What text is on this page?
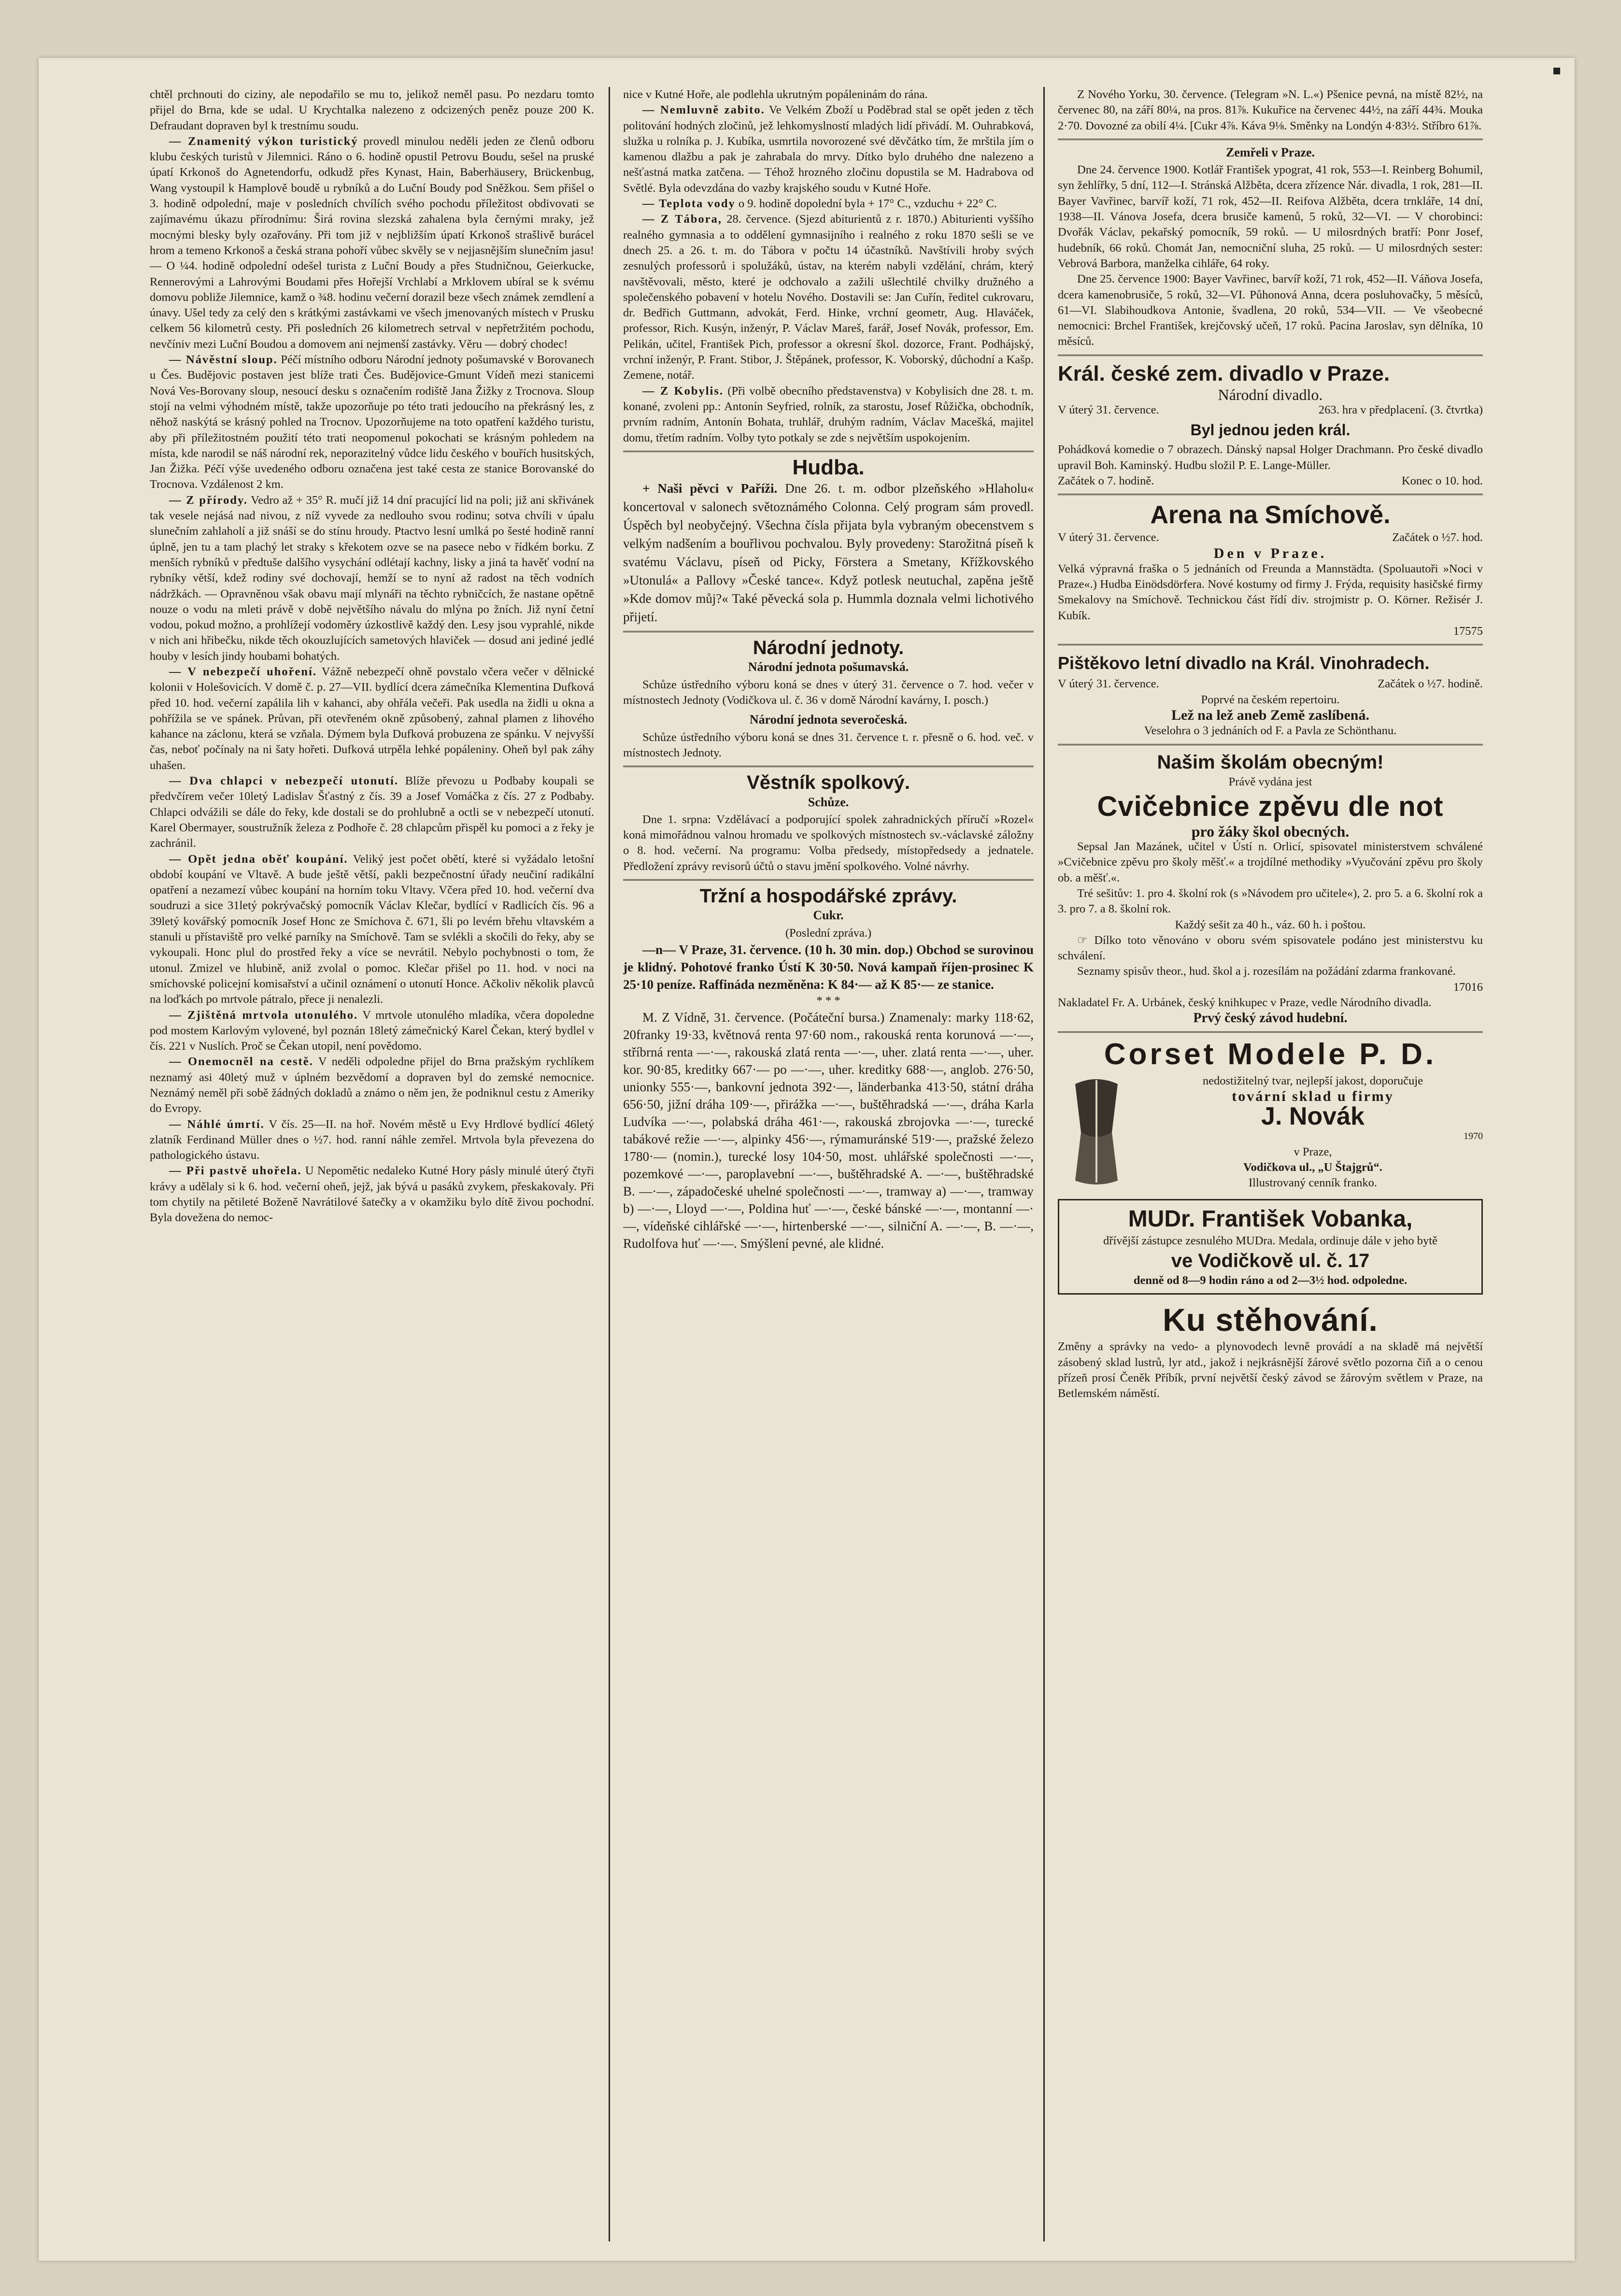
chtěl prchnouti do ciziny, ale nepodařilo se mu to, jelikož neměl pasu. Po nezdaru tomto přijel do Brna, kde se udal. U Krychtalka nalezeno z odcizených peněz pouze 200 K. Defraudant dopraven byl k trestnímu soudu.

— Znamenitý výkon turistický provedl minulou neděli jeden ze členů odboru klubu českých turistů v Jilemnici. Ráno o 6. hodině opustil Petrovu Boudu, sešel na pruské úpatí Krkonoš do Agnetendorfu, odkudž přes Kynast, Hain, Baberhäusery, Brückenbug, Wang vystoupil k Hamplově boudě u rybníků a do Luční Boudy pod Sněžkou. Sem přišel o 3. hodině odpolední, maje v posledních chvílích svého pochodu příležitost obdivovati se zajímavému úkazu přírodnímu: Širá rovina slezská zahalena byla černými mraky, jež mocnými blesky byly ozařovány. Při tom již v nejbližším úpatí Krkonoš strašlivě burácel hrom a temeno Krkonoš a česká strana pohoří vůbec skvěly se v nejjasnějším slunečním jasu! — O ¼4. hodině odpolední odešel turista z Luční Boudy a přes Studničnou, Geierkucke, Rennerovými a Lahrovými Boudami přes Hořejší Vrchlabí a Mrklovem ubíral se k svému domovu pobliže Jilemnice, kamž o ¾8. hodinu večerní dorazil beze všech známek zemdlení a únavy. Ušel tedy za celý den s krátkými zastávkami ve všech jmenovaných místech v Prusku celkem 56 kilometrů cesty. Při posledních 26 kilometrech setrval v nepřetržitém pochodu, nevčíniv mezi Luční Boudou a domovem ani nejmenší zastávky. Věru — dobrý chodec!

— Návěstní sloup. Péčí místního odboru Národní jednoty pošumavské v Borovanech u Čes. Budějovic postaven jest blíže trati Čes. Budějovice-Gmunt Vídeň mezi stanicemi Nová Ves-Borovany sloup, nesoucí desku s označením rodiště Jana Žižky z Trocnova. Sloup stojí na velmi výhodném místě, takže upozorňuje po této trati jedoucího na překrásný les, z něhož naskýtá se krásný pohled na Trocnov. Upozorňujeme na toto opatření každého turistu, aby při příležitostném použití této trati neopomenul pokochati se krásným pohledem na místa, kde narodil se náš národní rek, neporazitelný vůdce lidu českého v bouřích husitských, Jan Žižka. Péčí výše uvedeného odboru označena jest také cesta ze stanice Borovanské do Trocnova. Vzdálenost 2 km.

— Z přírody. Vedro až + 35° R. mučí již 14 dní pracující lid na poli; již ani skřivánek tak vesele nejásá nad nivou, z níž vyvede za nedlouho svou rodinu; sotva chvíli v úpalu slunečním zahlaholí a již snáší se do stínu hroudy. Ptactvo lesní umlká po šesté hodině ranní úplně, jen tu a tam plachý let straky s křekotem ozve se na pasece nebo v řídkém borku. Z menších rybníků v předtuše dalšího vysychání odlétají kachny, lisky a jiná ta havěť vodní na rybníky větší, kdež rodiny své dochovají, hemží se to nyní až radost na těch vodních nádržkách. — Opravněnou však obavu mají mlynáři na těchto rybničcích, že nastane opětně nouze o vodu na mleti právě v době největšího návalu do mlýna po žních. Již nyní četní vodou, pokud možno, a prohlížejí vodoměry úzkostlivě každý den. Lesy jsou vyprahlé, nikde v nich ani hřibečku, nikde těch okouzlujících sametových hlaviček — dosud ani jediné jedlé houby v lesích jindy houbami bohatých.

— V nebezpečí uhoření. Vážně nebezpečí ohně povstalo včera večer v dělnické kolonii v Holešovicích. V domě č. p. 27—VII. bydlící dcera zámečníka Klementina Dufková před 10. hod. večerní zapálila lih v kahanci, aby ohřála večeři. Pak usedla na židli u okna a pohřížila se ve spánek. Průvan, při otevřeném okně způsobený, zahnal plamen z lihového kahance na záclonu, která se vzňala. Dýmem byla Dufková probuzena ze spánku. V nejvyšší čas, neboť počínaly na ni šaty hořeti. Dufková utrpěla lehké popáleniny. Oheň byl pak záhy uhašen.

— Dva chlapci v nebezpečí utonutí. Blíže převozu u Podbaby koupali se předvčírem večer 10letý Ladislav Šťastný z čís. 39 a Josef Vomáčka z čís. 27 z Podbaby. Chlapci odvážili se dále do řeky, kde dostali se do prohlubně a octli se v nebezpečí utonutí. Karel Obermayer, soustružník železa z Podhoře č. 28 chlapcům přispěl ku pomoci a z řeky je zachránil.

— Opět jedna oběť koupání. Veliký jest počet obětí, které si vyžádalo letošní období koupání ve Vltavě. A bude ještě větší, pakli bezpečnostní úřady neučiní radikální opatření a nezamezí vůbec koupání na horním toku Vltavy. Včera před 10. hod. večerní dva soudruzi a sice 31letý pokrývačský pomocník Václav Klečar, bydlící v Radlicích čís. 96 a 39letý kovářský pomocník Josef Honc ze Smíchova č. 671, šli po levém břehu vltavském a stanuli u přístaviště pro velké parníky na Smíchově. Tam se svlékli a skočili do řeky, aby se vykoupali. Honc plul do prostřed řeky a více se nevrátil. Nebylo pochybnosti o tom, že utonul. Zmizel ve hlubině, aniž zvolal o pomoc. Klečar přišel po 11. hod. v noci na smíchovské policejní komisařství a učinil oznámení o utonutí Honce. Ačkoliv několik plavců na loďkách po mrtvole pátralo, přece ji nenalezli.

— Zjištěná mrtvola utonulého. V mrtvole utonulého mladíka, včera dopoledne pod mostem Karlovým vylovené, byl poznán 18letý zámečnický Karel Čekan, který bydlel v čís. 221 v Nuslích. Proč se Čekan utopil, není povědomo.

— Onemocněl na cestě. V neděli odpoledne přijel do Brna pražským rychlíkem neznamý asi 40letý muž v úplném bezvědomí a dopraven byl do zemské nemocnice. Neznámý neměl při sobě žádných dokladů a známo o něm jen, že podniknul cestu z Ameriky do Evropy.

— Náhlé úmrtí. V čís. 25—II. na hoř. Novém městě u Evy Hrdlové bydlící 46letý zlatník Ferdinand Müller dnes o ½7. hod. ranní náhle zemřel. Mrtvola byla převezena do pathologického ústavu.

— Při pastvě uhořela. U Nepomětic nedaleko Kutné Hory pásly minulé úterý čtyři krávy a udělaly si k 6. hod. večerní oheň, jejž, jak bývá u pasáků zvykem, přeskakovaly. Při tom chytily na pětileté Boženě Navrátilové šatečky a v okamžiku bylo dítě živou pochodní. Byla dovežena do nemoc-

nice v Kutné Hoře, ale podlehla ukrutným popáleninám do rána.

— Nemluvně zabito. Ve Velkém Zboží u Poděbrad stal se opět jeden z těch politování hodných zločinů, jež lehkomyslností mladých lidí přivádí. M. Ouhrabková, služka u rolníka p. J. Kubíka, usmrtila novorozené své děvčátko tím, že mrštila jím o kamenou dlažbu a pak je zahrabala do mrvy. Dítko bylo druhého dne nalezeno a nešťastná matka zatčena. — Téhož hrozného zločinu dopustila se M. Hadrabova od Světlé. Byla odevzdána do vazby krajského soudu v Kutné Hoře.

— Teplota vody o 9. hodině dopolední byla + 17° C., vzduchu + 22° C.

— Z Tábora, 28. července. (Sjezd abiturientů z r. 1870.) Abiturienti vyššího realného gymnasia a to oddělení gymnasijního i realného z roku 1870 sešli se ve dnech 25. a 26. t. m. do Tábora v počtu 14 účastníků. Navštívili hroby svých zesnulých professorů i spolužáků, ústav, na kterém nabyli vzdělání, chrám, který navštěvovali, město, které je odchovalo a zažili ušlechtilé chvilky družného a společenského pobavení v hotelu Nového. Dostavili se: Jan Cuřín, ředitel cukrovaru, dr. Bedřich Guttmann, advokát, Ferd. Hinke, vrchní geometr, Aug. Hlaváček, professor, Rich. Kusýn, inženýr, P. Václav Mareš, farář, Josef Novák, professor, Em. Pelikán, učitel, František Pich, professor a okresní škol. dozorce, Frant. Podhájský, vrchní inženýr, P. Frant. Stibor, J. Štěpánek, professor, K. Voborský, důchodní a Kašp. Zemene, notář.

— Z Kobylis. (Při volbě obecního představenstva) v Kobylisích dne 28. t. m. konané, zvoleni pp.: Antonín Seyfried, rolník, za starostu, Josef Růžička, obchodník, prvním radním, Antonín Bohata, truhlář, druhým radním, Václav Macešká, majitel domu, třetím radním. Volby tyto potkaly se zde s největším uspokojením.

Hudba.

+ Naši pěvci v Paříži. Dne 26. t. m. odbor plzeňského »Hlaholu« koncertoval v salonech světoznámého Colonna. Celý program sám provedl. Úspěch byl neobyčejný. Všechna čísla přijata byla vybraným obecenstvem s velkým nadšením a bouřlivou pochvalou. Byly provedeny: Starožitná píseň k svatému Václavu, píseň od Picky, Förstera a Smetany, Křížkovského »Utonulá« a Pallovy »České tance«. Když potlesk neutuchal, zapěna ještě »Kde domov můj?« Také pěvecká sola p. Hummla doznala velmi lichotivého přijetí.

Národní jednoty.
Národní jednota pošumavská.

Schůze ústředního výboru koná se dnes v úterý 31. července o 7. hod. večer v místnostech Jednoty (Vodičkova ul. č. 36 v domě Národní kavárny, I. posch.)

Národní jednota severočeská.

Schůze ústředního výboru koná se dnes 31. července t. r. přesně o 6. hod. več. v místnostech Jednoty.

Věstník spolkový.
Schůze.

Dne 1. srpna: Vzdělávací a podporující spolek zahradnických příručí »Rozel« koná mimořádnou valnou hromadu ve spolkových místnostech sv.-václavské záložny o 8. hod. večerní. Na programu: Volba předsedy, místopředsedy a jednatele. Předložení zprávy revisorů účtů o stavu jmění spolkového. Volné návrhy.

Tržní a hospodářské zprávy.
Cukr.

(Poslední zpráva.)

—n— V Praze, 31. července. (10 h. 30 min. dop.) Obchod se surovinou je klidný. Pohotové franko Ústí K 30·50. Nová kampaň říjen-prosinec K 25·10 peníze. Raffináda nezměněna: K 84·— až K 85·— ze stanice.

* * *

M. Z Vídně, 31. července. (Počáteční bursa.) Znamenaly: marky 118·62, 20franky 19·33, květnová renta 97·60 nom., rakouská renta korunová —·—, stříbrná renta —·—, rakouská zlatá renta —·—, uher. zlatá renta —·—, uher. kor. 90·85, kreditky 667·— po —·—, uher. kreditky 688·—, anglob. 276·50, unionky 555·—, bankovní jednota 392·—, länderbanka 413·50, státní dráha 656·50, jižní dráha 109·—, přirážka —·—, buštěhradská —·—, dráha Karla Ludvíka —·—, polabská dráha 461·—, rakouská zbrojovka —·—, turecké tabákové režie —·—, alpinky 456·—, rýmamuránské 519·—, pražské železo 1780·— (nomin.), turecké losy 104·50, most. uhlářské společnosti —·—, pozemkové —·—, paroplavební —·—, buštěhradské A. —·—, buštěhradské B. —·—, západočeské uhelné společnosti —·—, tramway a) —·—, tramway b) —·—, Lloyd —·—, Poldina huť —·—, české bánské —·—, montanní —·—, vídeňské cihlářské —·—, hirtenberské —·—, silniční A. —·—, B. —·—, Rudolfova huť —·—. Smýšlení pevné, ale klidné.

Z Nového Yorku, 30. července. (Telegram »N. L.«) Pšenice pevná, na místě 82½, na červenec 80, na září 80¼, na pros. 81⅞. Kukuřice na červenec 44½, na září 44¾. Mouka 2·70. Dovozné za obilí 4¼. [Cukr 4⅞. Káva 9⅛. Směnky na Londýn 4·83½. Stříbro 61⅞.

Zemřeli v Praze.

Dne 24. července 1900. Kotlář František ypograt, 41 rok, 553—I. Reinberg Bohumil, syn žehlířky, 5 dní, 112—I. Stránská Alžběta, dcera zřízence Nár. divadla, 1 rok, 281—II. Bayer Vavřinec, barvíř koží, 71 rok, 452—II. Reifova Alžběta, dcera trnkláře, 14 dní, 1938—II. Vánova Josefa, dcera brusiče kamenů, 5 roků, 32—VI. — V chorobinci: Dvořák Václav, pekařský pomocník, 59 roků. — U milosrdných bratří: Ponr Josef, hudebník, 66 roků. Chomát Jan, nemocniční sluha, 25 roků. — U milosrdných sester: Vebrová Barbora, manželka cihláře, 64 roky.

Dne 25. července 1900: Bayer Vavřinec, barvíř koží, 71 rok, 452—II. Váňova Josefa, dcera kamenobrusiče, 5 roků, 32—VI. Půhonová Anna, dcera posluhovačky, 5 měsíců, 61—VI. Slabihoudkova Antonie, švadlena, 20 roků, 534—VII. — Ve všeobecné nemocnici: Brchel František, krejčovský učeň, 17 roků. Pacina Jaroslav, syn dělníka, 10 měsíců.

Král. české zem. divadlo v Praze.
Národní divadlo.
V úterý 31. července.	263. hra v předplacení. (3. čtvrtka)
Byl jednou jeden král.

Pohádková komedie o 7 obrazech. Dánský napsal Holger Drachmann. Pro české divadlo upravil Boh. Kaminský. Hudbu složil P. E. Lange-Müller.

Začátek o 7. hodině.	Konec o 10. hod.
Arena na Smíchově.
V úterý 31. července.	Začátek o ½7. hod.
Den v Praze.

Velká výpravná fraška o 5 jednáních od Freunda a Mannstädta. (Spoluautoři »Noci v Praze«.) Hudba Einödsdörfera. Nové kostumy od firmy J. Frýda, requisity hasičské firmy Smekalovy na Smíchově. Technickou část řídí div. strojmistr p. O. Körner. Režisér J. Kubík.

17575
Pištěkovo letní divadlo na Král. Vinohradech.
V úterý 31. července.	Začátek o ½7. hodině.
Poprvé na českém repertoiru.
Lež na lež aneb Země zaslíbená.
Veselohra o 3 jednáních od F. a Pavla ze Schönthanu.
Našim školám obecným!
Právě vydána jest
Cvičebnice zpěvu dle not
pro žáky škol obecných.

Sepsal Jan Mazánek, učitel v Ústí n. Orlicí, spisovatel ministerstvem schválené »Cvičebnice zpěvu pro školy měšť.« a trojdílné methodiky »Vyučování zpěvu pro školy ob. a měšť.«.

Tré sešitův: 1. pro 4. školní rok (s »Návodem pro učitele«), 2. pro 5. a 6. školní rok a 3. pro 7. a 8. školní rok.

Každý sešit za 40 h., váz. 60 h. i poštou.

☞ Dílko toto věnováno v oboru svém spisovatele podáno jest ministerstvu ku schválení.

Seznamy spisův theor., hud. škol a j. rozesílám na požádání zdarma frankované.

17016

Nakladatel Fr. A. Urbánek, český knihkupec v Praze, vedle Národního divadla.

Prvý český závod hudební.
Corset Modele P. D.
nedostižitelný tvar, nejlepší jakost, doporučuje
tovární sklad u firmy
J. Novák
1970
v Praze,
Vodičkova ul., „U Štajgrů“.
Illustrovaný cenník franko.
MUDr. František Vobanka,
dřívější zástupce zesnulého MUDra. Medala, ordinuje dále v jeho bytě
ve Vodičkově ul. č. 17
denně od 8—9 hodin ráno a od 2—3½ hod. odpoledne.
Ku stěhování.

Změny a správky na vedo- a plynovodech levně provádí a na skladě má největší zásobený sklad lustrů, lyr atd., jakož i nejkrásnější žárové světlo pozorna čiň a o cenou přízeň prosí Čeněk Příbík, první největší český závod se žárovým světlem v Praze, na Betlemském náměstí.
